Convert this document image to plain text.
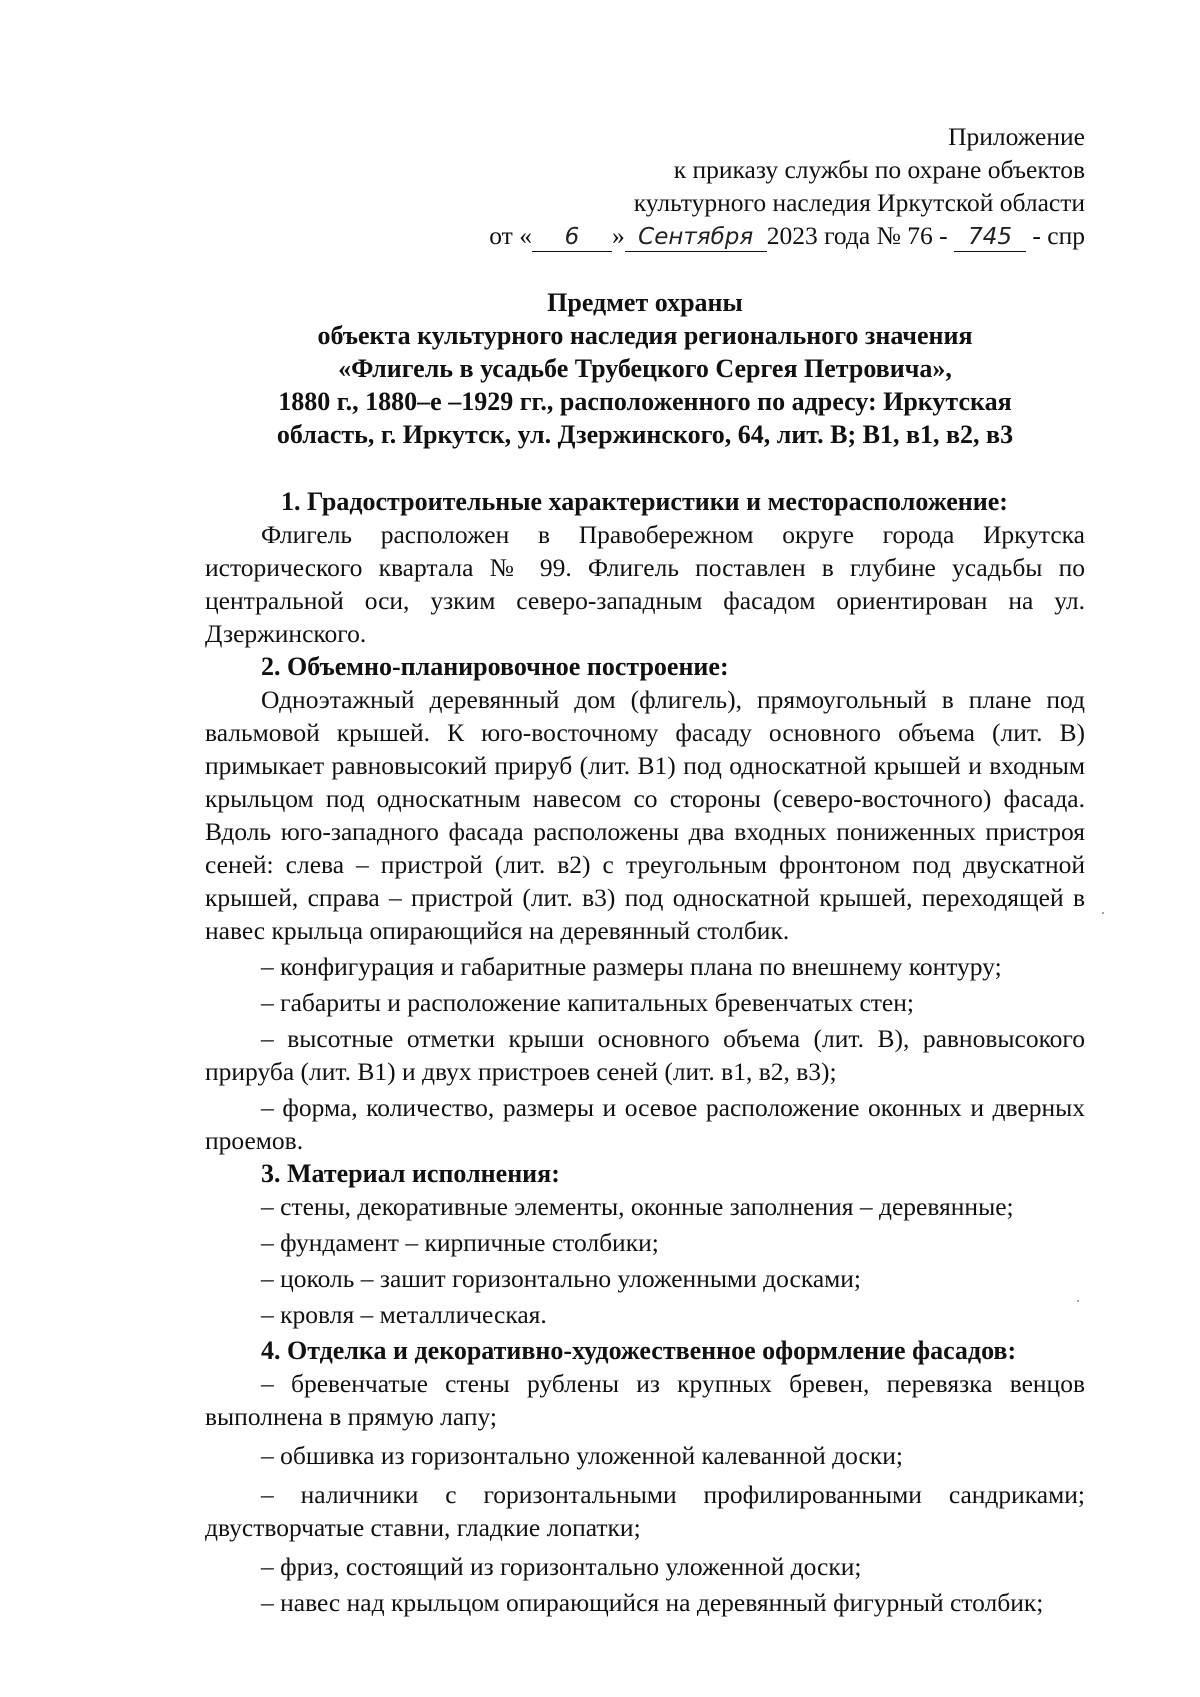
Приложение
к приказу службы по охране объектов
культурного наследия Иркутской области
от « 6 » Сентября 2023 года № 76 - 745 - спр
Предмет охраны
объекта культурного наследия регионального значения
«Флигель в усадьбе Трубецкого Сергея Петровича»,
1880 г., 1880–е –1929 гг., расположенного по адресу: Иркутская
область, г. Иркутск, ул. Дзержинского, 64, лит. В; В1, в1, в2, в3
1. Градостроительные характеристики и месторасположение:
Флигель расположен в Правобережном округе города Иркутска исторического квартала № 99. Флигель поставлен в глубине усадьбы по центральной оси, узким северо-западным фасадом ориентирован на ул. Дзержинского.
2. Объемно-планировочное построение:
Одноэтажный деревянный дом (флигель), прямоугольный в плане под вальмовой крышей. К юго-восточному фасаду основного объема (лит. В) примыкает равновысокий прируб (лит. В1) под односкатной крышей и входным крыльцом под односкатным навесом со стороны (северо-восточного) фасада. Вдоль юго-западного фасада расположены два входных пониженных пристроя сеней: слева – пристрой (лит. в2) с треугольным фронтоном под двускатной крышей, справа – пристрой (лит. в3) под односкатной крышей, переходящей в навес крыльца опирающийся на деревянный столбик.
– конфигурация и габаритные размеры плана по внешнему контуру;
– габариты и расположение капитальных бревенчатых стен;
– высотные отметки крыши основного объема (лит. В), равновысокого прируба (лит. В1) и двух пристроев сеней (лит. в1, в2, в3);
– форма, количество, размеры и осевое расположение оконных и дверных проемов.
3. Материал исполнения:
– стены, декоративные элементы, оконные заполнения – деревянные;
– фундамент – кирпичные столбики;
– цоколь – зашит горизонтально уложенными досками;
– кровля – металлическая.
4. Отделка и декоративно-художественное оформление фасадов:
– бревенчатые стены рублены из крупных бревен, перевязка венцов выполнена в прямую лапу;
– обшивка из горизонтально уложенной калеванной доски;
– наличники с горизонтальными профилированными сандриками; двустворчатые ставни, гладкие лопатки;
– фриз, состоящий из горизонтально уложенной доски;
– навес над крыльцом опирающийся на деревянный фигурный столбик;
